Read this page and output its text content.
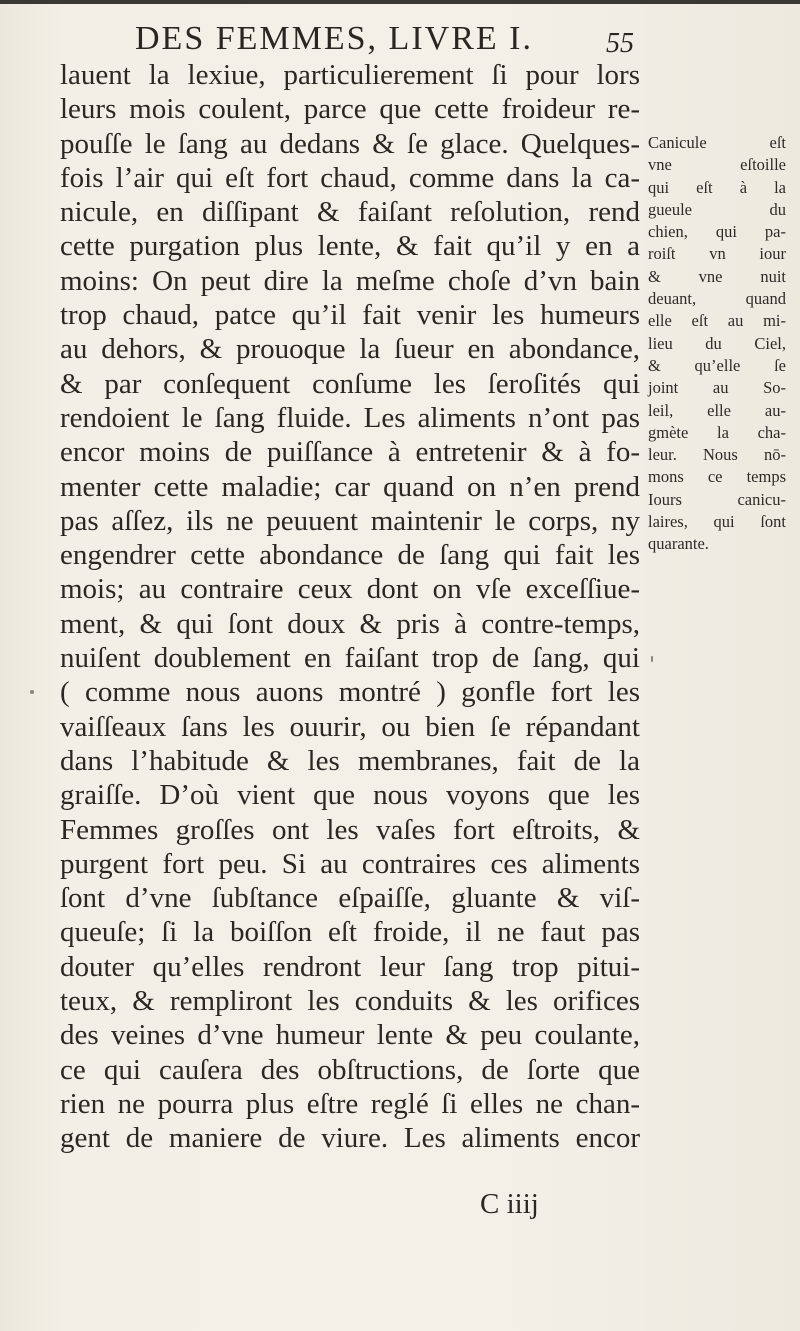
DES FEMMES, LIVRE I.	55
lauent la lexiue, particulierement ſi pour lors
leurs mois coulent, parce que cette froideur re-
pouſſe le ſang au dedans & ſe glace. Quelques-
fois l’air qui eſt fort chaud, comme dans la ca-
nicule, en diſſipant & faiſant reſolution, rend
cette purgation plus lente, & fait qu’il y en a
moins: On peut dire la meſme choſe d’vn bain
trop chaud, patce qu’il fait venir les humeurs
au dehors, & prouoque la ſueur en abondance,
& par conſequent conſume les ſeroſités qui
rendoient le ſang fluide. Les aliments n’ont pas
encor moins de puiſſance à entretenir & à fo-
menter cette maladie; car quand on n’en prend
pas aſſez, ils ne peuuent maintenir le corps, ny
engendrer cette abondance de ſang qui fait les
mois; au contraire ceux dont on vſe exceſſiue-
ment, & qui ſont doux & pris à contre-temps,
nuiſent doublement en faiſant trop de ſang, qui
( comme nous auons montré ) gonfle fort les
vaiſſeaux ſans les ouurir, ou bien ſe répandant
dans l’habitude & les membranes, fait de la
graiſſe. D’où vient que nous voyons que les
Femmes groſſes ont les vaſes fort eſtroits, &
purgent fort peu. Si au contraires ces aliments
ſont d’vne ſubſtance eſpaiſſe, gluante & viſ-
queuſe; ſi la boiſſon eſt froide, il ne faut pas
douter qu’elles rendront leur ſang trop pitui-
teux, & rempliront les conduits & les orifices
des veines d’vne humeur lente & peu coulante,
ce qui cauſera des obſtructions, de ſorte que
rien ne pourra plus eſtre reglé ſi elles ne chan-
gent de maniere de viure. Les aliments encor
C iiij
Canicule eſt
vne eſtoille
qui eſt à la
gueule du
chien, qui pa-
roiſt vn iour
& vne nuit
deuant, quand
elle eſt au mi-
lieu du Ciel,
& qu’elle ſe
joint au So-
leil, elle au-
gmète la cha-
leur. Nous nō-
mons ce temps
Iours canicu-
laires, qui ſont
quarante.
